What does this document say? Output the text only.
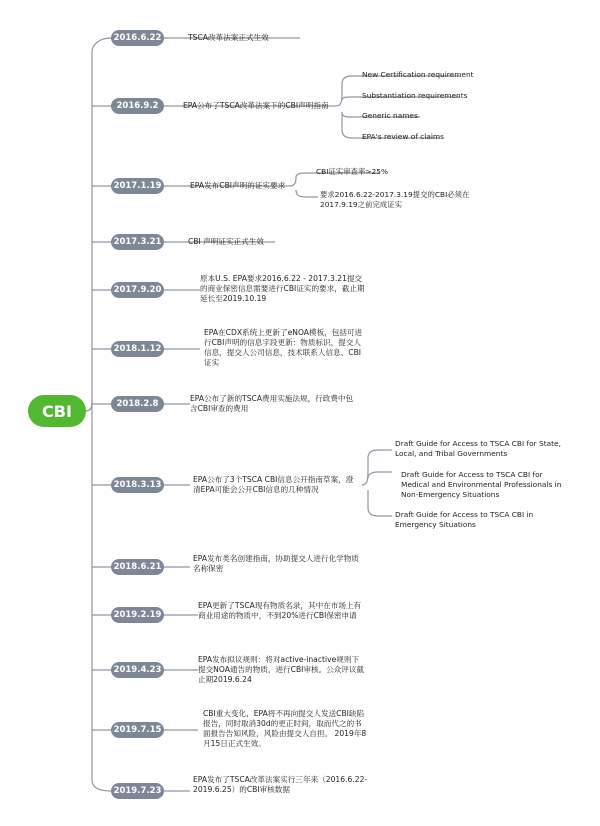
CBI
2016.6.22
2016.9.2
2017.1.19
2017.3.21
2017.9.20
2018.1.12
2018.2.8
2018.3.13
2018.6.21
2019.2.19
2019.4.23
2019.7.15
2019.7.23
TSCA改革法案正式生效
EPA公布了TSCA改革法案下的CBI声明指南
EPA发布CBI声明的证实要求
CBI 声明证实正式生效
原本U.S. EPA要求2016.6.22 - 2017.3.21提交的商业保密信息需要进行CBI证实的要求，截止期延长至2019.10.19
EPA在CDX系统上更新了eNOA模板，包括可进行CBI声明的信息字段更新：物质标识，提交人信息，提交人公司信息，技术联系人信息、CBI证实
EPA公布了新的TSCA费用实施法规，行政费中包含CBI审查的费用
EPA公布了3个TSCA CBI信息公开指南草案，澄清EPA可能会公开CBI信息的几种情况
EPA发布类名创建指南，协助提交人进行化学物质名称保密
EPA更新了TSCA现有物质名录，其中在市场上有商业用途的物质中，不到20%进行CBI保密申请
EPA发布拟议规则：将对active-inactive规则下提交NOA通告的物质，进行CBI审核。公众评议截止期2019.6.24
CBI重大变化，EPA将不再向提交人发送CBI缺陷报告，同时取消30d的更正时间，取而代之的书面报告告知风险，风险由提交人自担。 2019年8月15日正式生效。
EPA发布了TSCA改革法案实行三年来（2016.6.22-2019.6.25）的CBI审核数据
New Certification requirement
Substantiation requirements
Generic names
EPA's review of claims
CBI证实审查率>25%
要求2016.6.22-2017.3.19提交的CBI必须在2017.9.19之前完成证实
Draft Guide for Access to TSCA CBI for State, Local, and Tribal Governments
Draft Guide for Access to TSCA CBI for Medical and Environmental Professionals in Non-Emergency Situations
Draft Guide for Access to TSCA CBI in Emergency Situations
